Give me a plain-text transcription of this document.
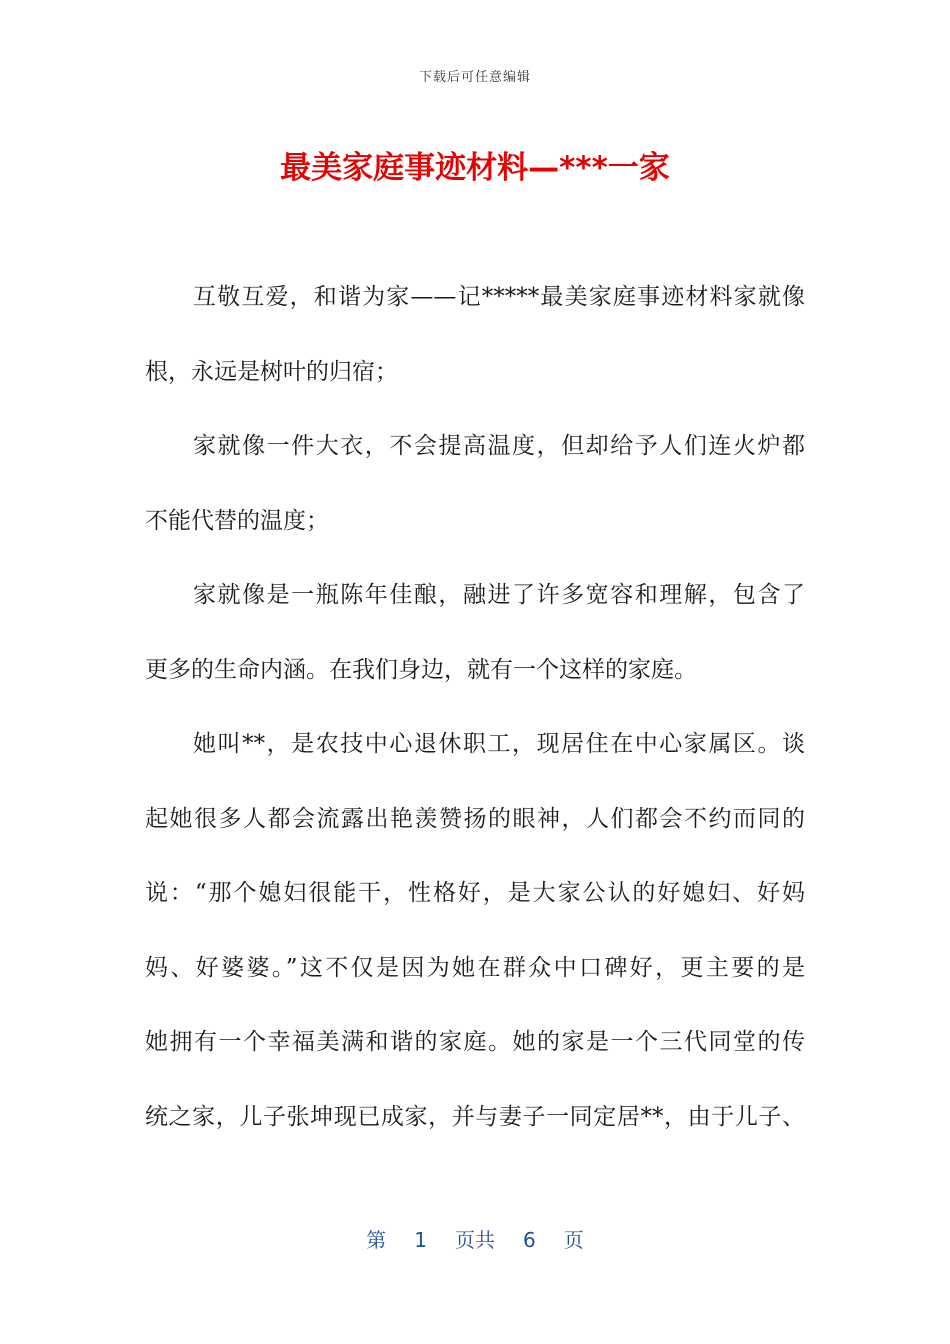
下载后可任意编辑
最美家庭事迹材料—***一家
互敬互爱，和谐为家——记*****最美家庭事迹材料家就像
根，永远是树叶的归宿；
家就像一件大衣，不会提高温度，但却给予人们连火炉都
不能代替的温度；
家就像是一瓶陈年佳酿，融进了许多宽容和理解，包含了
更多的生命内涵。在我们身边，就有一个这样的家庭。
她叫**，是农技中心退休职工，现居住在中心家属区。谈
起她很多人都会流露出艳羡赞扬的眼神，人们都会不约而同的
说：“那个媳妇很能干，性格好，是大家公认的好媳妇、好妈
妈、好婆婆。”这不仅是因为她在群众中口碑好，更主要的是
她拥有一个幸福美满和谐的家庭。她的家是一个三代同堂的传
统之家，儿子张坤现已成家，并与妻子一同定居**，由于儿子、
第 1 页共 6 页
